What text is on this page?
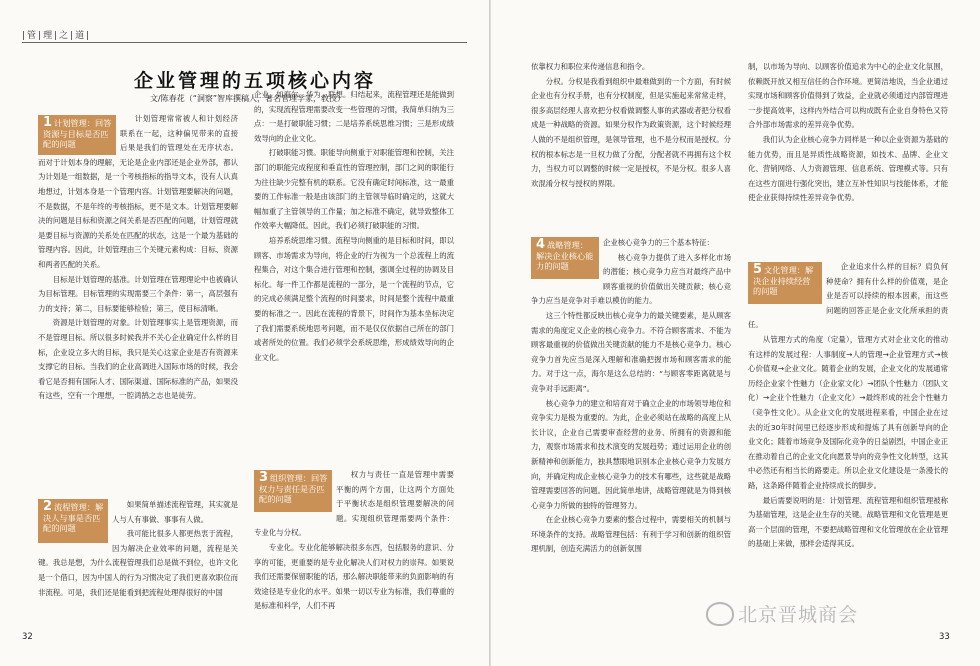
|管|理|之|道|
企业管理的五项核心内容
文/陈春花（“洞察”智库撰稿人，著名管理学家，教授）
1 计划管理：回答资源与目标是否匹配的问题

计划管理常常被人和计划经济联系在一起，这种偏见带来的直接后果是我们的管理处在无序状态。而对于计划本身的理解，无论是企业内部还是企业外部，都认为计划是一组数据，是一个考核指标的指导文本，没有人认真地想过，计划本身是一个管理内容。计划管理要解决的问题，不是数据，不是年终的考核指标，更不是文本。计划管理要解决的问题是目标和资源之间关系是否匹配的问题，计划管理就是要目标与资源的关系处在匹配的状态，这是一个最为基础的管理内容。因此，计划管理由三个关键元素构成：目标、资源和两者匹配的关系。

目标是计划管理的基准。计划管理在管理理论中也被确认为目标管理。目标管理的实现需要三个条件：第一，高层强有力的支持；第二，目标要能够检验；第三，使目标清晰。

资源是计划管理的对象。计划管理事实上是管理资源，而不是管理目标。所以很多时候我并不关心企业确定什么样的目标，企业设立多大的目标，我只是关心这家企业是否有资源来支撑它的目标。当我们的企业高调进入国际市场的时候，我会看它是否拥有国际人才、国际渠道、国际标准的产品，如果没有这些，空有一个理想，一腔鸿鹄之志也是徒劳。

2 流程管理：解决人与事是否匹配的问题

如果简单描述流程管理，其实就是人与人有事做、事事有人做。

我可能比很多人都更热衷于流程，因为解决企业效率的问题，流程是关键。我总是想，为什么流程管理我们总是做不到位，也许文化是一个借口，因为中国人的行为习惯决定了我们更喜欢职位而非流程。可是，我们还是能看到把流程处理得很好的中国

企业，如海尔、华为、联想。归结起来，流程管理还是能做到的，实现流程管理需要改变一些管理的习惯，我简单归纳为三点：一是打破职能习惯；二是培养系统思维习惯；三是形成绩效导向的企业文化。

打破职能习惯。职能导向侧重于对职能管理和控制，关注部门的职能完成程度和垂直性的管理控制，部门之间的职能行为往往缺少完整有机的联系。它没有确定时间标准，这一最重要的工作标准一般是由该部门的主管领导临时确定的，这就大幅加重了主管领导的工作量；加之标准不确定，就导致整体工作效率大幅降低。因此，我们必须打破职能的习惯。

培养系统思维习惯。流程导向侧重的是目标和时间，即以顾客、市场需求为导向，将企业的行为视为一个总流程上的流程集合，对这个集合进行管理和控制，强调全过程的协调及目标化。每一件工作都是流程的一部分，是一个流程的节点，它的完成必须满足整个流程的时间要求，时间是整个流程中最重要的标准之一。因此在流程的背景下，时间作为基本坐标决定了我们需要系统地思考问题，而不是仅仅依据自己所在的部门或者所处的位置。我们必须学会系统思维，形成绩效导向的企业文化。

3 组织管理：回答权力与责任是否匹配的问题

权力与责任一直是管理中需要平衡的两个方面，让这两个方面处于平衡状态是组织管理要解决的问题。实现组织管理需要两个条件：专业化与分权。

专业化。专业化能够解决很多东西，包括服务的意识、分享的可能，更重要的是专业化解决人们对权力的崇拜。如果说我们还需要保留职能的话，那么解决职能带来的负面影响的有效途径是专业化的水平。如果一切以专业为标准，我们尊重的是标准和科学，人们不再

32

依靠权力和职位来传递信息和指令。

分权。分权是我看到组织中最难做到的一个方面，有时候企业也有分权手册，也有分权制度，但是实施起来常常走样，很多高层经理人喜欢把分权看做调整人事的武器或者把分权看成是一种战略的资源。如果分权作为政策资源，这个时候经理人做的不是组织管理，是领导管理，也不是分权而是授权。分权的根本标志是一旦权力做了分配，分配者就不再拥有这个权力，当权力可以调整的时候一定是授权，不是分权。很多人喜欢混淆分权与授权的界限。

4 战略管理：解决企业核心能力的问题

企业核心竞争力的三个基本特征：

核心竞争力提供了进入多样化市场的潜能；核心竞争力应当对最终产品中顾客重视的价值做出关键贡献；核心竞争力应当是竞争对手难以模仿的能力。

这三个特性都反映出核心竞争力的最关键要素，是从顾客需求的角度定义企业的核心竞争力。不符合顾客需求、不能为顾客最重视的价值做出关键贡献的能力不是核心竞争力。核心竞争力首先应当是深入理解和准确把握市场和顾客需求的能力。对于这一点，海尔是这么总结的：“与顾客零距离就是与竞争对手远距离”。

核心竞争力的建立和培育对于确立企业的市场领导地位和竞争实力是极为重要的。为此，企业必须站在战略的高度上从长计议，企业自己需要审查经营的业务、所拥有的资源和能力，观察市场需求和技术演变的发展趋势；通过运用企业的创新精神和创新能力，独具慧眼地识别本企业核心竞争力发展方向，并确定构成企业核心竞争力的技术有哪些，这些就是战略管理需要回答的问题。因此简单地讲，战略管理就是为得到核心竞争力所做的独特的管理努力。

在企业核心竞争力要素的整合过程中，需要相关的机制与环境条件的支持。战略管理包括：有利于学习和创新的组织管理机制，创造充满活力的创新氛围

制，以市场为导向、以顾客价值追求为中心的企业文化氛围，依赖既开放又相互信任的合作环境。更简洁地说，当企业通过实现市场和顾客价值得到了效益，企业就必须通过内部管理进一步提高效率，这样内外结合可以构成既有企业自身特色又符合外部市场需求的差异竞争优势。

我们认为企业核心竞争力同样是一种以企业资源为基础的能力优势，而且是异质性战略资源，如技术、品牌、企业文化、营销网络、人力资源管理、信息系统、管理模式等。只有在这些方面进行强化突出，建立互补性知识与技能体系，才能使企业获得持续性差异竞争优势。

5 文化管理：解决企业持续经营的问题

企业追求什么样的目标？肩负何种使命？拥有什么样的价值观，是企业是否可以持续的根本因素，而这些问题的回答正是企业文化所承担的责任。

从管理方式的角度（定量），管理方式对企业文化的推动有这样的发展过程：人事制度→人的管理→企业管理方式→核心价值观→企业文化。随着企业的发展，企业文化的发展通常历经企业家个性魅力（企业家文化）→团队个性魅力（团队文化）→企业个性魅力（企业文化）→最终形成的社会个性魅力（竞争性文化）。从企业文化的发展进程来看，中国企业在过去的近30年时间里已经逐步形成和提炼了具有创新导向的企业文化；随着市场竞争及国际化竞争的日益剧烈，中国企业正在推动着自己的企业文化向愿景导向的竞争性文化转型，这其中必然还有相当长的路要走。所以企业文化建设是一条漫长的路，这条路伴随着企业持续成长的脚步。

最后需要说明的是：计划管理、流程管理和组织管理被称为基础管理，这是企业生存的关键。战略管理和文化管理是更高一个层面的管理，不要把战略管理和文化管理放在企业管理的基础上来做，那样会适得其反。

33
北京晋城商会
